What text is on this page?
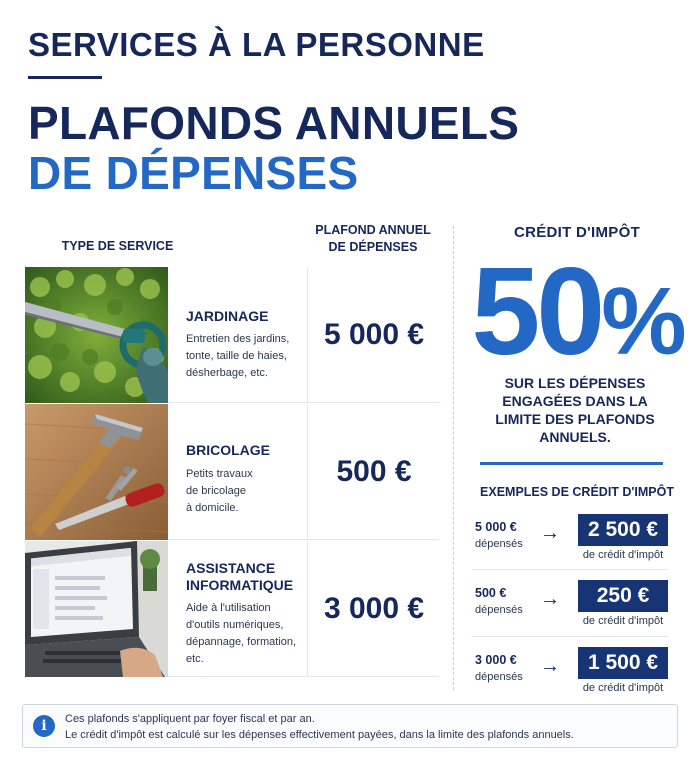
SERVICES À LA PERSONNE
PLAFONDS ANNUELS
DE DÉPENSES
TYPE DE SERVICE
PLAFOND ANNUEL
DE DÉPENSES
JARDINAGE
Entretien des jardins,
tonte, taille de haies,
désherbage, etc.
5 000 €
BRICOLAGE
Petits travaux
de bricolage
à domicile.
500 €
ASSISTANCE
INFORMATIQUE
Aide à l'utilisation
d'outils numériques,
dépannage, formation,
etc.
3 000 €
CRÉDIT D'IMPÔT
50%
SUR LES DÉPENSES
ENGAGÉES DANS LA
LIMITE DES PLAFONDS
ANNUELS.
EXEMPLES DE CRÉDIT D'IMPÔT
5 000 €
dépensés →	2 500 €
de crédit d'impôt
500 €
dépensés →	250 €
de crédit d'impôt
3 000 €
dépensés →	1 500 €
de crédit d'impôt
i	Ces plafonds s'appliquent par foyer fiscal et par an.
Le crédit d'impôt est calculé sur les dépenses effectivement payées, dans la limite des plafonds annuels.
